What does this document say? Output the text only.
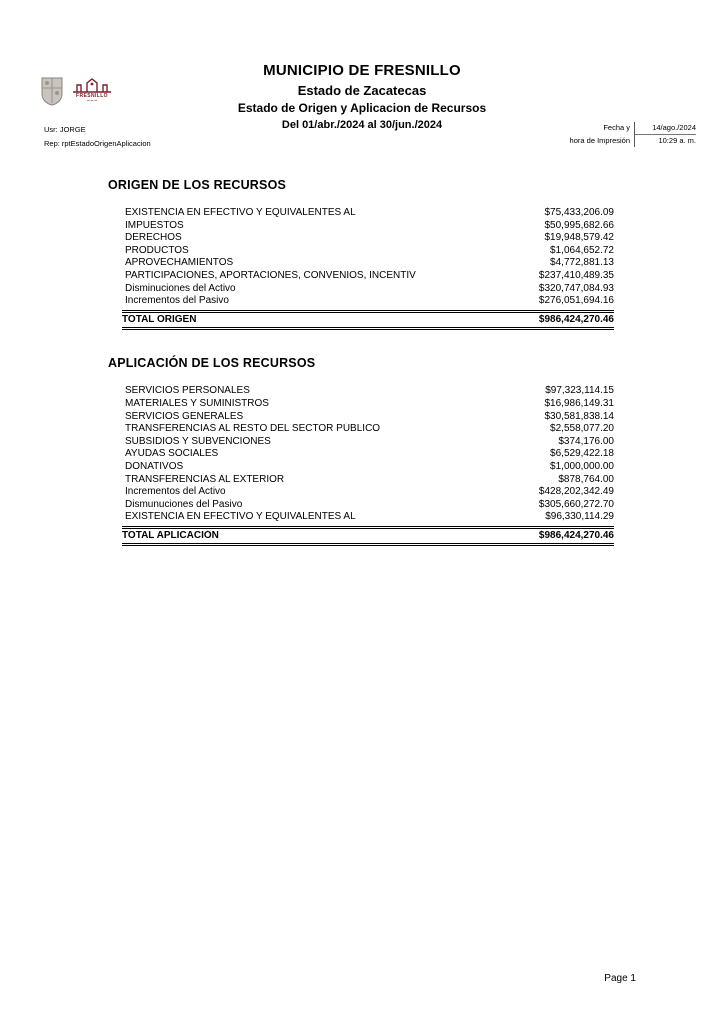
FRESNILLO
~~~
MUNICIPIO DE FRESNILLO
Estado de Zacatecas
Estado de Origen y Aplicacion de Recursos
Del 01/abr./2024 al 30/jun./2024
Usr: JORGE
Rep: rptEstadoOrigenAplicacion
Fecha y	14/ago./2024
hora de Impresión	10:29 a. m.
ORIGEN DE LOS RECURSOS
EXISTENCIA EN EFECTIVO Y EQUIVALENTES AL	$75,433,206.09
IMPUESTOS	$50,995,682.66
DERECHOS	$19,948,579.42
PRODUCTOS	$1,064,652.72
APROVECHAMIENTOS	$4,772,881.13
PARTICIPACIONES, APORTACIONES, CONVENIOS, INCENTIV	$237,410,489.35
Disminuciones del Activo	$320,747,084.93
Incrementos del Pasivo	$276,051,694.16
TOTAL ORIGEN	$986,424,270.46
APLICACIÓN DE LOS RECURSOS
SERVICIOS PERSONALES	$97,323,114.15
MATERIALES Y SUMINISTROS	$16,986,149.31
SERVICIOS GENERALES	$30,581,838.14
TRANSFERENCIAS AL RESTO DEL SECTOR PÚBLICO	$2,558,077.20
SUBSIDIOS Y SUBVENCIONES	$374,176.00
AYUDAS SOCIALES	$6,529,422.18
DONATIVOS	$1,000,000.00
TRANSFERENCIAS AL EXTERIOR	$878,764.00
Incrementos del Activo	$428,202,342.49
Dismunuciones del Pasivo	$305,660,272.70
EXISTENCIA EN EFECTIVO Y EQUIVALENTES AL	$96,330,114.29
TOTAL APLICACIÓN	$986,424,270.46
Page 1
